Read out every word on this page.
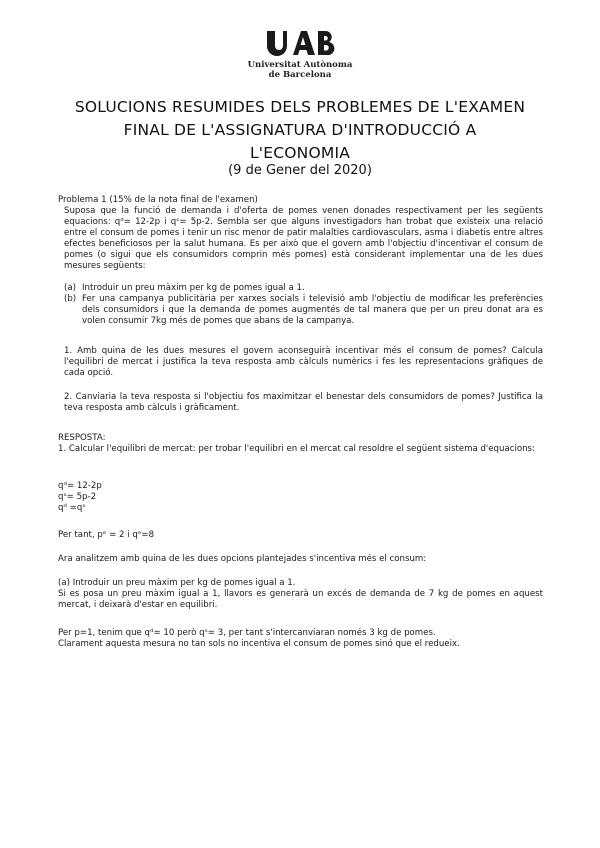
Universitat Autònoma
de Barcelona
SOLUCIONS RESUMIDES DELS PROBLEMES DE L'EXAMEN
FINAL DE L'ASSIGNATURA D'INTRODUCCIÓ A
L'ECONOMIA
(9 de Gener del 2020)
Problema 1 (15% de la nota final de l'examen)
Suposa que la funció de demanda i d'oferta de pomes venen donades respectivament per les següents equacions: qᵈ= 12-2p i qˢ= 5p-2. Sembla ser que alguns investigadors han trobat que existeix una relació entre el consum de pomes i tenir un risc menor de patir malalties cardiovasculars, asma i diabetis entre altres efectes beneficiosos per la salut humana. Es per això que el govern amb l'objectiu d'incentivar el consum de pomes (o sigui que els consumidors comprin més pomes) està considerant implementar una de les dues mesures següents:
(a) Introduir un preu màxim per kg de pomes igual a 1.
(b) Fer una campanya publicitària per xarxes socials i televisió amb l'objectiu de modificar les preferències dels consumidors i que la demanda de pomes augmentés de tal manera que per un preu donat ara es volen consumir 7kg més de pomes que abans de la campanya.
1. Amb quina de les dues mesures el govern aconseguirà incentivar més el consum de pomes? Calcula l'equilibri de mercat i justifica la teva resposta amb càlculs numèrics i fes les representacions gràfiques de cada opció.
2. Canviaria la teva resposta si l'objectiu fos maximitzar el benestar dels consumidors de pomes? Justifica la teva resposta amb càlculs i gràficament.
RESPOSTA:
1. Calcular l'equilibri de mercat: per trobar l'equilibri en el mercat cal resoldre el següent sistema d'equacions:
qᵈ= 12-2p
qˢ= 5p-2
qᵈ =qˢ
Per tant, pᵉ = 2 i qᵉ=8
Ara analitzem amb quina de les dues opcions plantejades s'incentiva més el consum:
(a) Introduir un preu màxim per kg de pomes igual a 1.
Si es posa un preu màxim igual a 1, llavors es generarà un excés de demanda de 7 kg de pomes en aquest mercat, i deixarà d'estar en equilibri.
Per p=1, tenim que qᵈ= 10 però qˢ= 3, per tant s'intercanviaran només 3 kg de pomes.
Clarament aquesta mesura no tan sols no incentiva el consum de pomes sinó que el redueix.
